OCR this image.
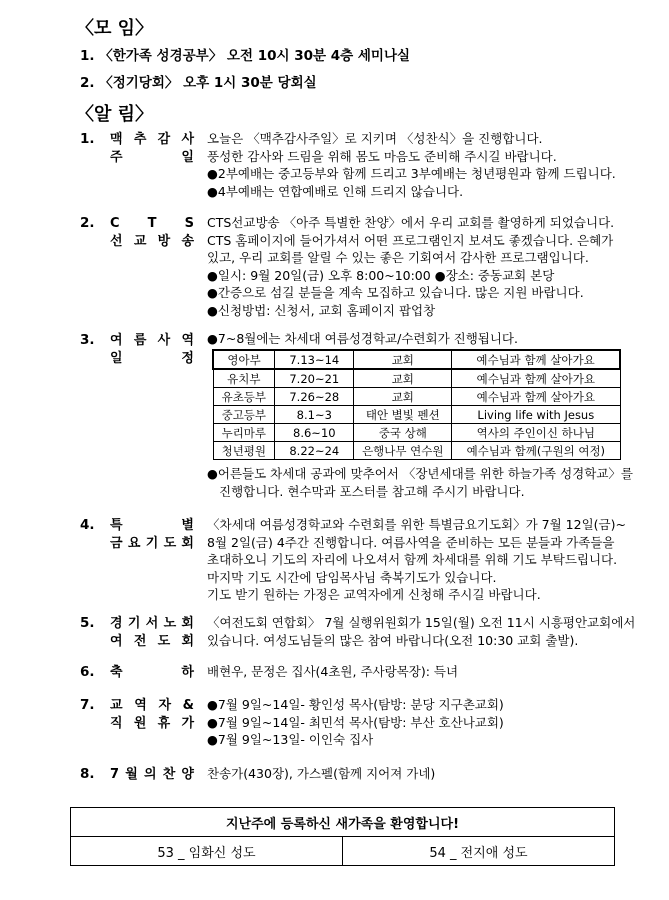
〈모 임〉
1. 〈한가족 성경공부〉 오전 10시 30분 4층 세미나실
2. 〈정기당회〉 오후 1시 30분 당회실
〈알 림〉
1. 맥 추 감 사
주 일
오늘은 〈맥추감사주일〉로 지키며 〈성찬식〉을 진행합니다.
풍성한 감사와 드림을 위해 몸도 마음도 준비해 주시길 바랍니다.
●2부예배는 중고등부와 함께 드리고 3부예배는 청년평원과 함께 드립니다.
●4부예배는 연합예배로 인해 드리지 않습니다.
2. C T S
선 교 방 송
CTS선교방송 〈아주 특별한 찬양〉에서 우리 교회를 촬영하게 되었습니다.
CTS 홈페이지에 들어가셔서 어떤 프로그램인지 보셔도 좋겠습니다. 은혜가
있고, 우리 교회를 알릴 수 있는 좋은 기회여서 감사한 프로그램입니다.
●일시: 9월 20일(금) 오후 8:00~10:00 ●장소: 중동교회 본당
●간증으로 섬길 분들을 계속 모집하고 있습니다. 많은 지원 바랍니다.
●신청방법: 신청서, 교회 홈페이지 팝업창
3. 여 름 사 역
일 정
●7~8월에는 차세대 여름성경학교/수련회가 진행됩니다.
영아부	7.13~14	교회	예수님과 함께 살아가요
유치부	7.20~21	교회	예수님과 함께 살아가요
유초등부	7.26~28	교회	예수님과 함께 살아가요
중고등부	8.1~3	태안 별빛 펜션	Living life with Jesus
누리마루	8.6~10	중국 상해	역사의 주인이신 하나님
청년평원	8.22~24	은행나무 연수원	예수님과 함께(구원의 여정)
●어른들도 차세대 공과에 맞추어서 〈장년세대를 위한 하늘가족 성경학교〉를
진행합니다. 현수막과 포스터를 참고해 주시기 바랍니다.
4. 특 별
금 요 기 도 회
〈차세대 여름성경학교와 수련회를 위한 특별금요기도회〉가 7월 12일(금)~
8월 2일(금) 4주간 진행합니다. 여름사역을 준비하는 모든 분들과 가족들을
초대하오니 기도의 자리에 나오셔서 함께 차세대를 위해 기도 부탁드립니다.
마지막 기도 시간에 담임목사님 축복기도가 있습니다.
기도 받기 원하는 가정은 교역자에게 신청해 주시길 바랍니다.
5. 경 기 서 노 회
여 전 도 회
〈여전도회 연합회〉 7월 실행위원회가 15일(월) 오전 11시 시흥평안교회에서
있습니다. 여성도님들의 많은 참여 바랍니다(오전 10:30 교회 출발).
6. 축 하 배현우, 문정은 집사(4초원, 주사랑목장): 득녀
7. 교 역 자 &
직 원 휴 가
●7월 9일~14일- 황인성 목사(탐방: 분당 지구촌교회)
●7월 9일~14일- 최민석 목사(탐방: 부산 호산나교회)
●7월 9일~13일- 이인숙 집사
8. 7 월 의 찬 양 찬송가(430장), 가스펠(함께 지어져 가네)
지난주에 등록하신 새가족을 환영합니다!
53 _ 임화신 성도	54 _ 전지애 성도
